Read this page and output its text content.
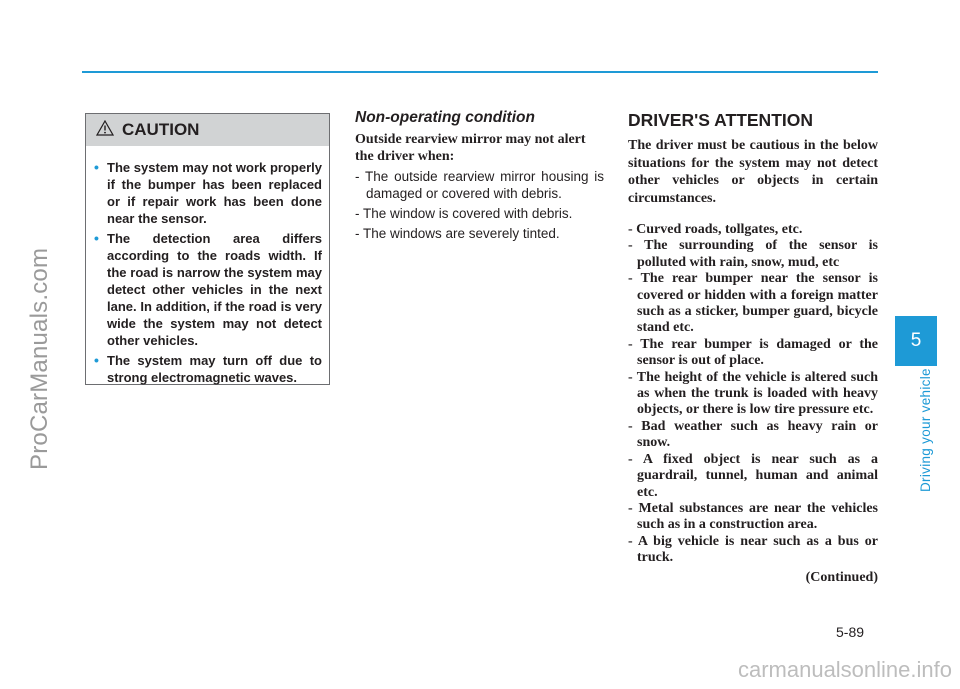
ProCarManuals.com
CAUTION
• The system may not work properly if the bumper has been replaced or if repair work has been done near the sensor.
• The detection area differs according to the roads width. If the road is narrow the system may detect other vehicles in the next lane. In addition, if the road is very wide the system may not detect other vehicles.
• The system may turn off due to strong electromagnetic waves.
Non-operating condition

Outside rearview mirror may not alert the driver when:

- The outside rearview mirror housing is damaged or covered with debris.
- The window is covered with debris.
- The windows are severely tinted.
DRIVER'S ATTENTION

The driver must be cautious in the below situations for the system may not detect other vehicles or objects in certain circumstances.

- Curved roads, tollgates, etc.
- The surrounding of the sensor is polluted with rain, snow, mud, etc
- The rear bumper near the sensor is covered or hidden with a foreign matter such as a sticker, bumper guard, bicycle stand etc.
- The rear bumper is damaged or the sensor is out of place.
- The height of the vehicle is altered such as when the trunk is loaded with heavy objects, or there is low tire pressure etc.
- Bad weather such as heavy rain or snow.
- A fixed object is near such as a guardrail, tunnel, human and animal etc.
- Metal substances are near the vehicles such as in a construction area.
- A big vehicle is near such as a bus or truck.
(Continued)
5
Driving your vehicle
5-89
carmanualsonline.info
